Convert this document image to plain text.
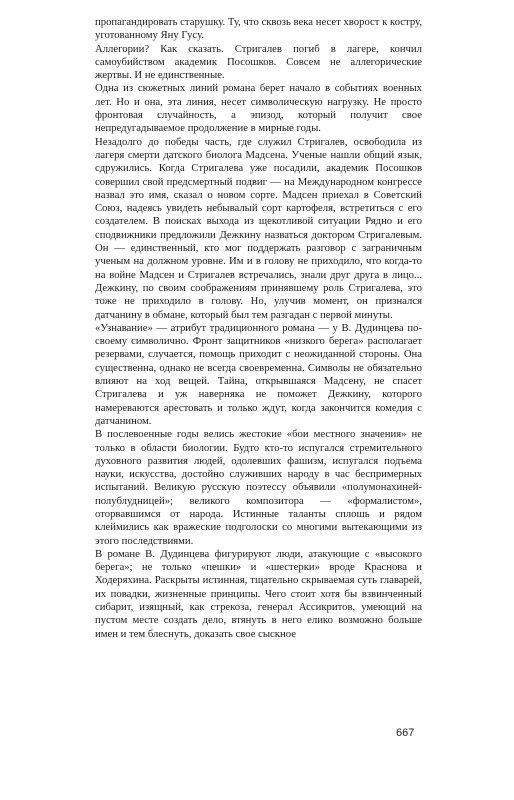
пропагандировать старушку. Ту, что сквозь века несет хворост к костру, уготованному Яну Гусу.

Аллегории? Как сказать. Стригалев погиб в лагере, кончил самоубийством академик Посошков. Совсем не аллегорические жертвы. И не единственные.

Одна из сюжетных линий романа берет начало в событиях военных лет. Но и она, эта линия, несет символическую нагрузку. Не просто фронтовая случайность, а эпизод, который получит свое непредугадываемое продолжение в мирные годы.

Незадолго до победы часть, где служил Стригалев, освободила из лагеря смерти датского биолога Мадсена. Ученые нашли общий язык, сдружились. Когда Стригалева уже посадили, академик Посошков совершил свой предсмертный подвиг — на Международном конгрессе назвал это имя, сказал о новом сорте. Мадсен приехал в Советский Союз, надеясь увидеть небывалый сорт картофеля, встретиться с его создателем. В поисках выхода из щекотливой ситуации Рядно и его сподвижники предложили Дежкину назваться доктором Стригалевым. Он — единственный, кто мог поддержать разговор с заграничным ученым на должном уровне. Им и в голову не приходило, что когда-то на войне Мадсен и Стригалев встречались, знали друг друга в лицо... Дежкину, по своим соображениям принявшему роль Стригалева, это тоже не приходило в голову. Но, улучив момент, он признался датчанину в обмане, который был тем разгадан с первой минуты.

«Узнавание» — атрибут традиционного романа — у В. Дудинцева по-своему символично. Фронт защитников «низкого берега» располагает резервами, случается, помощь приходит с неожиданной стороны. Она существенна, однако не всегда своевременна. Символы не обязательно влияют на ход вещей. Тайна, открывшаяся Мадсену, не спасет Стригалева и уж наверняка не поможет Дежкину, которого намереваются арестовать и только ждут, когда закончится комедия с датчанином.

В послевоенные годы велись жестокие «бои местного значения» не только в области биологии. Будто кто-то испугался стремительного духовного развития людей, одолевших фашизм, испугался подъема науки, искусства, достойно служивших народу в час беспримерных испытаний. Великую русскую поэтессу объявили «полумонахиней-полублудницей»; великого композитора — «формалистом», оторвавшимся от народа. Истинные таланты сплошь и рядом клеймились как вражеские подголоски со многими вытекающими из этого последствиями.

В романе В. Дудинцева фигурируют люди, атакующие с «высокого берега»; не только «пешки» и «шестерки» вроде Краснова и Ходеряхина. Раскрыты истинная, тщательно скрываемая суть главарей, их повадки, жизненные принципы. Чего стоит хотя бы взвинченный сибарит, изящный, как стрекоза, генерал Ассикритов, умеющий на пустом месте создать дело, втянуть в него елико возможно больше имен и тем блеснуть, доказать свое сыскное

667
